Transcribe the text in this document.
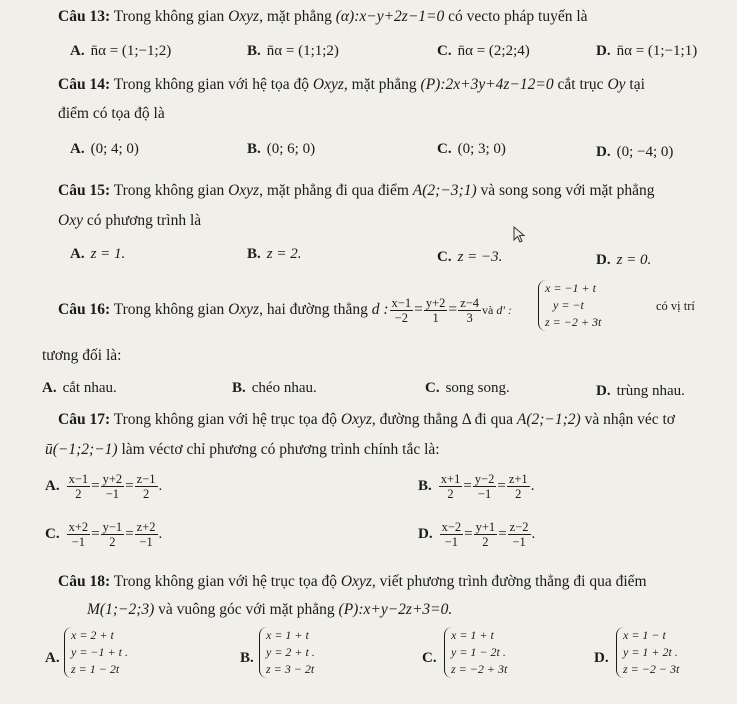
Câu 13: Trong không gian Oxyz, mặt phẳng (α):x−y+2z−1=0 có vecto pháp tuyến là
A. n̄α = (1;−1;2)	B. n̄α = (1;1;2)	C. n̄α = (2;2;4)	D. n̄α = (1;−1;1)
Câu 14: Trong không gian với hệ tọa độ Oxyz, mặt phẳng (P):2x+3y+4z−12=0 cắt trục Oy tại
điểm có tọa độ là
A. (0; 4; 0)	B. (0; 6; 0)	C. (0; 3; 0)	D. (0; −4; 0)
Câu 15: Trong không gian Oxyz, mặt phẳng đi qua điểm A(2;−3;1) và song song với mặt phẳng
Oxy có phương trình là
A. z = 1.	B. z = 2.	C. z = −3.	D. z = 0.
Câu 16: Trong không gian Oxyz, hai đường thẳng d : $\frac{x-1}{-2} = \frac{y+2}{1} = \frac{z-4}{3}$ và d' :
x = −1 + t
y = −t
z = −2 + 3t
có vị trí
tương đối là:
A. cắt nhau.	B. chéo nhau.	C. song song.	D. trùng nhau.
Câu 17: Trong không gian với hệ trục tọa độ Oxyz, đường thẳng Δ đi qua A(2;−1;2) và nhận véc tơ
ū(−1;2;−1) làm véctơ chỉ phương có phương trình chính tắc là:
A. $\frac{x-1}{2} = \frac{y+2}{-1} = \frac{z-1}{2}$ .	B. $\frac{x+1}{2} = \frac{y-2}{-1} = \frac{z+1}{2}$ .
C. $\frac{x+2}{-1} = \frac{y-1}{2} = \frac{z+2}{-1}$ .	D. $\frac{x-2}{-1} = \frac{y+1}{2} = \frac{z-2}{-1}$ .
Câu 18: Trong không gian với hệ trục tọa độ Oxyz, viết phương trình đường thẳng đi qua điểm
M(1;−2;3) và vuông góc với mặt phẳng (P):x+y−2z+3=0.
A.
x = 2 + t
y = −1 + t .
z = 1 − 2t
B.
x = 1 + t
y = 2 + t .
z = 3 − 2t
C.
x = 1 + t
y = 1 − 2t .
z = −2 + 3t
D.
x = 1 − t
y = 1 + 2t .
z = −2 − 3t
